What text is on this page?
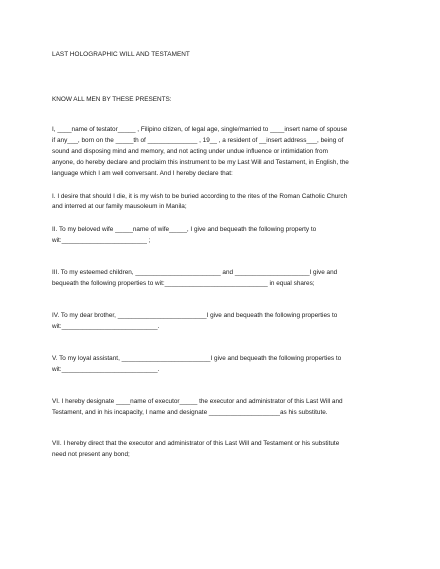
LAST HOLOGRAPHIC WILL AND TESTAMENT

KNOW ALL MEN BY THESE PRESENTS:

I, ____name of testator_____ , Filipino citizen, of legal age, single/married to ____insert name of spouse
if any___, born on the _____th of ______________ , 19__ , a resident of __insert address___, being of
sound and disposing mind and memory, and not acting under undue influence or intimidation from
anyone, do hereby declare and proclaim this instrument to be my Last Will and Testament, in English, the
language which I am well conversant. And I hereby declare that:

I. I desire that should I die, it is my wish to be buried according to the rites of the Roman Catholic Church
and interred at our family mausoleum in Manila;

II. To my beloved wife _____name of wife_____, I give and bequeath the following property to
wit:________________________ ;

III. To my esteemed children, ________________________ and _____________________I give and
bequeath the following properties to wit:_____________________________ in equal shares;

IV. To my dear brother, _________________________I give and bequeath the following properties to
wit:___________________________.

V. To my loyal assistant, _________________________I give and bequeath the following properties to
wit:___________________________.

VI. I hereby designate ____name of executor_____ the executor and administrator of this Last Will and
Testament, and in his incapacity, I name and designate ____________________as his substitute.

VII. I hereby direct that the executor and administrator of this Last Will and Testament or his substitute
need not present any bond;
